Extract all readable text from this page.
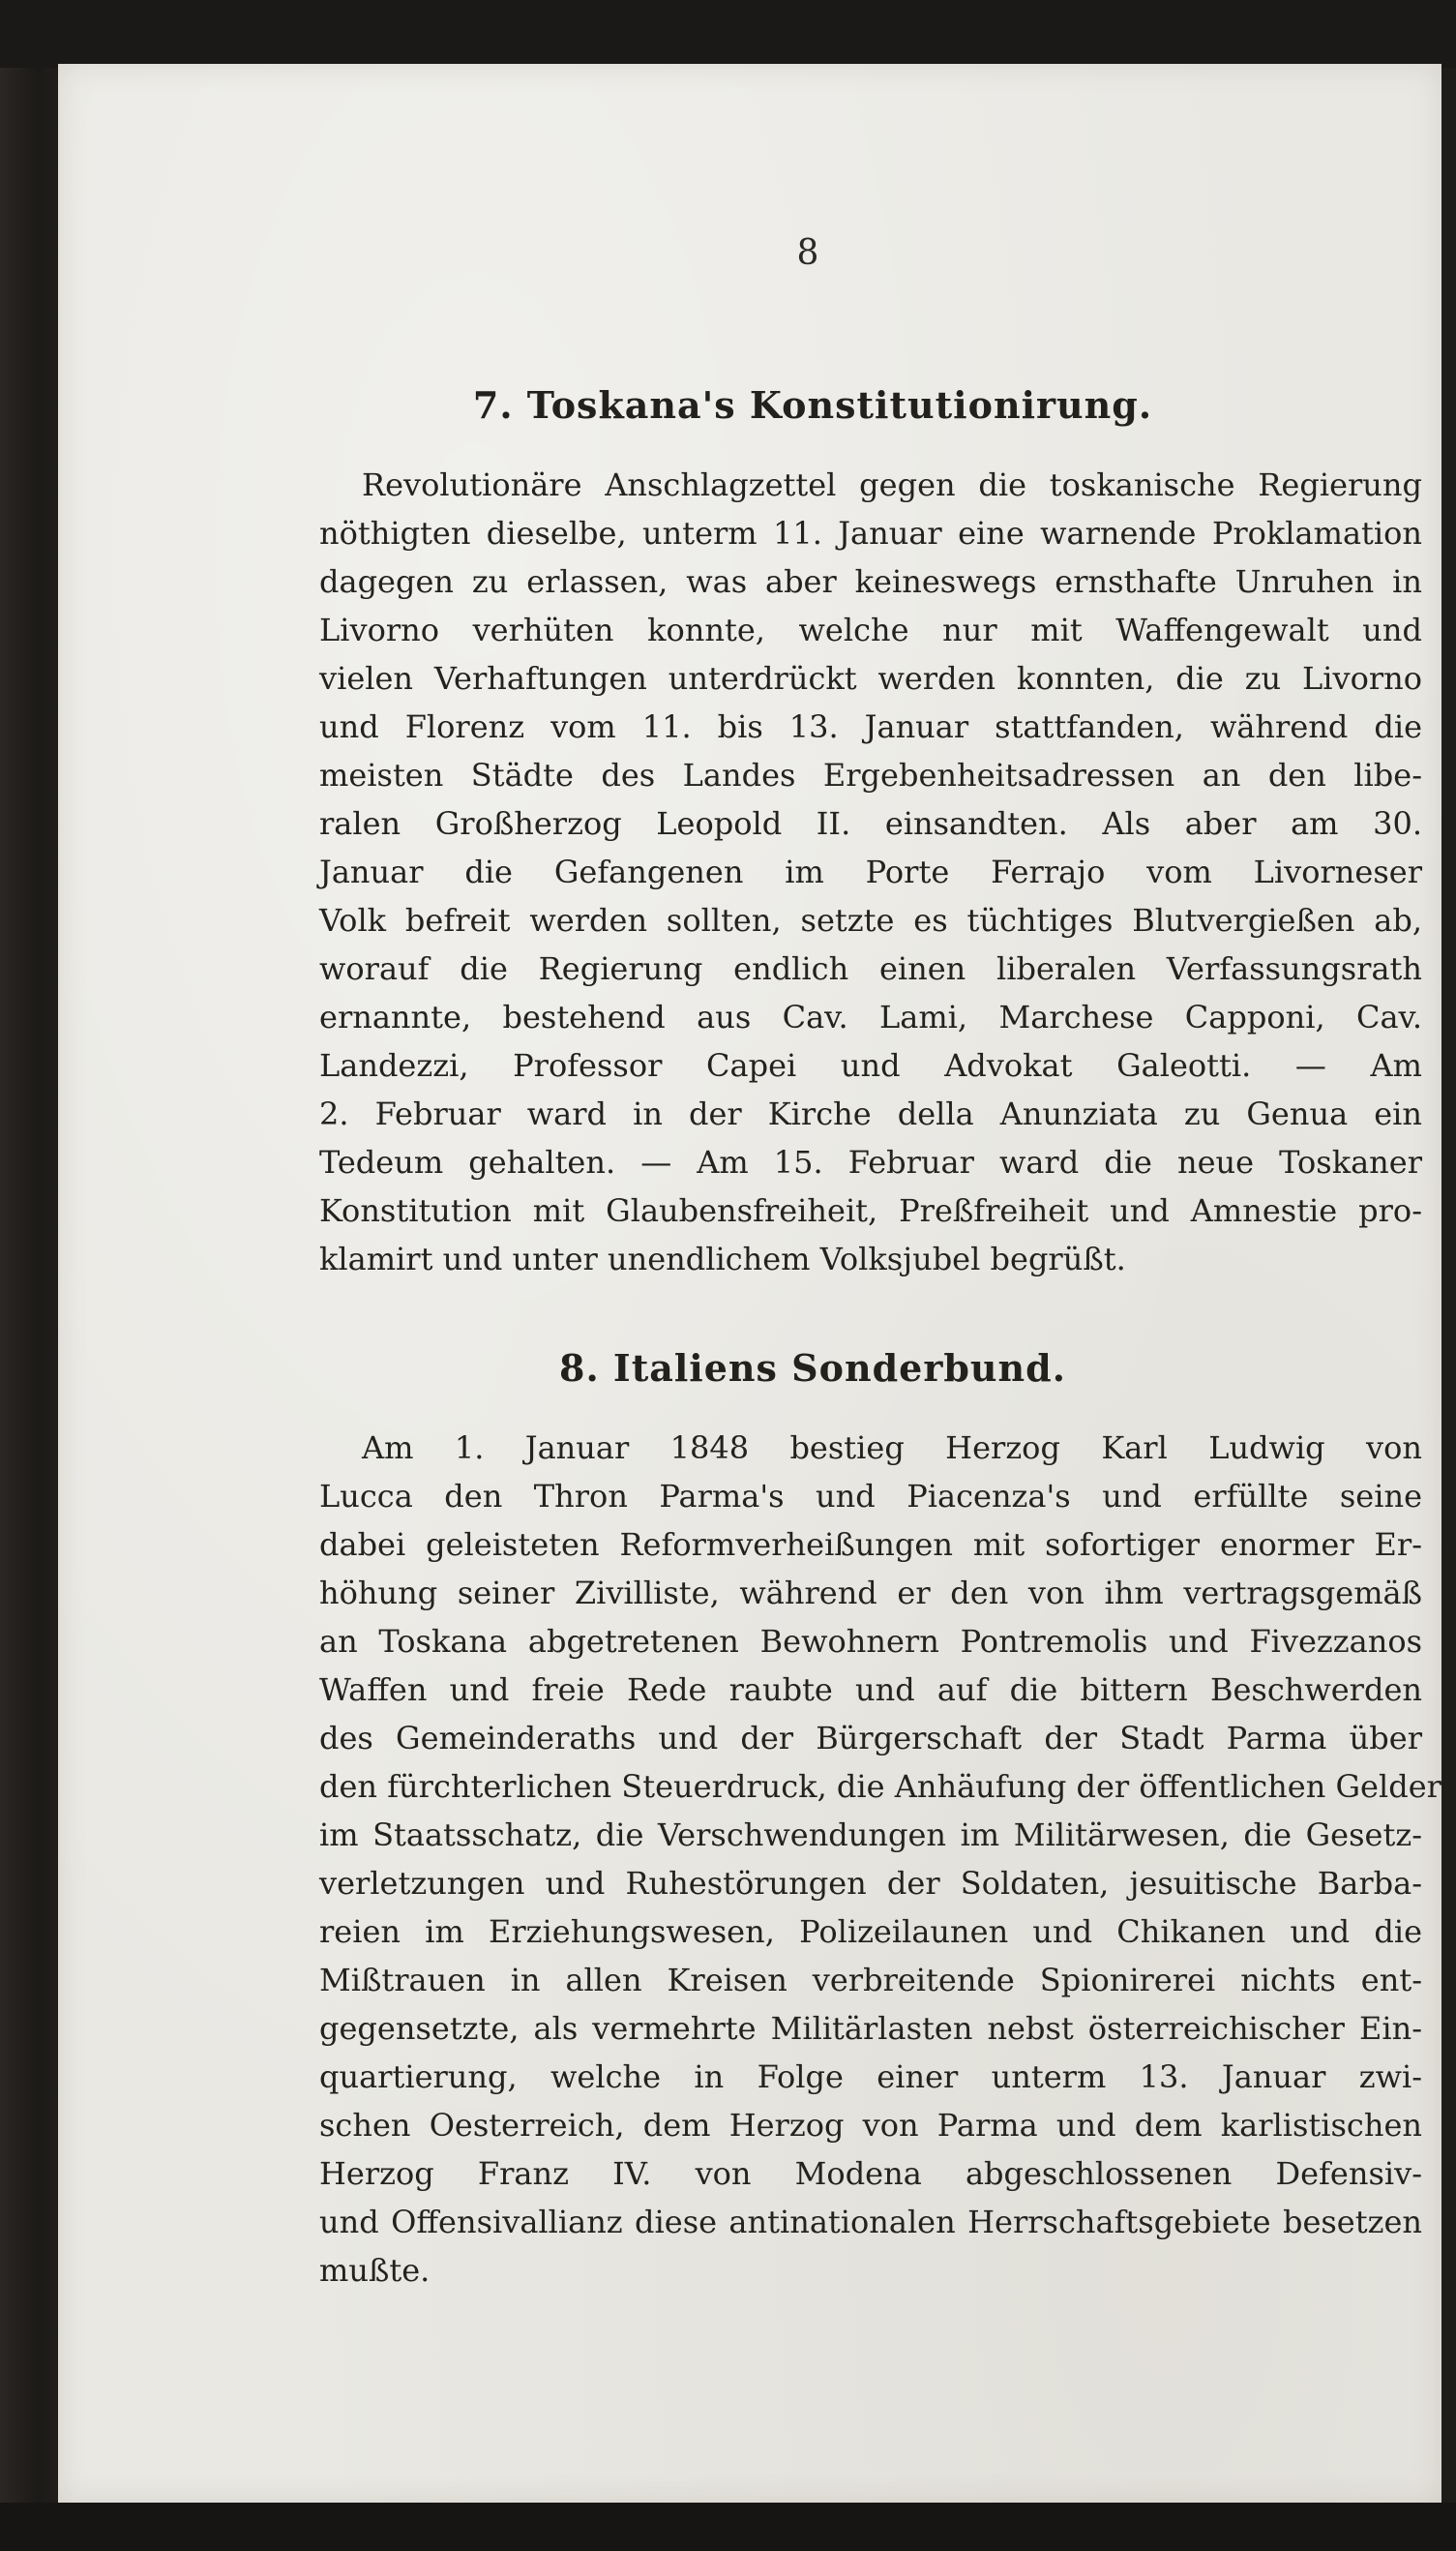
8
7. Toskana's Konstitutionirung.
Revolutionäre Anschlagzettel gegen die toskanische Regierung
nöthigten dieselbe, unterm 11. Januar eine warnende Proklamation
dagegen zu erlassen, was aber keineswegs ernsthafte Unruhen in
Livorno verhüten konnte, welche nur mit Waffengewalt und
vielen Verhaftungen unterdrückt werden konnten, die zu Livorno
und Florenz vom 11. bis 13. Januar stattfanden, während die
meisten Städte des Landes Ergebenheitsadressen an den libe-
ralen Großherzog Leopold II. einsandten. Als aber am 30.
Januar die Gefangenen im Porte Ferrajo vom Livorneser
Volk befreit werden sollten, setzte es tüchtiges Blutvergießen ab,
worauf die Regierung endlich einen liberalen Verfassungsrath
ernannte, bestehend aus Cav. Lami, Marchese Capponi, Cav.
Landezzi, Professor Capei und Advokat Galeotti. — Am
2. Februar ward in der Kirche della Anunziata zu Genua ein
Tedeum gehalten. — Am 15. Februar ward die neue Toskaner
Konstitution mit Glaubensfreiheit, Preßfreiheit und Amnestie pro-
klamirt und unter unendlichem Volksjubel begrüßt.
8. Italiens Sonderbund.
Am 1. Januar 1848 bestieg Herzog Karl Ludwig von
Lucca den Thron Parma's und Piacenza's und erfüllte seine
dabei geleisteten Reformverheißungen mit sofortiger enormer Er-
höhung seiner Zivilliste, während er den von ihm vertragsgemäß
an Toskana abgetretenen Bewohnern Pontremolis und Fivezzanos
Waffen und freie Rede raubte und auf die bittern Beschwerden
des Gemeinderaths und der Bürgerschaft der Stadt Parma über
den fürchterlichen Steuerdruck, die Anhäufung der öffentlichen Gelder
im Staatsschatz, die Verschwendungen im Militärwesen, die Gesetz-
verletzungen und Ruhestörungen der Soldaten, jesuitische Barba-
reien im Erziehungswesen, Polizeilaunen und Chikanen und die
Mißtrauen in allen Kreisen verbreitende Spionirerei nichts ent-
gegensetzte, als vermehrte Militärlasten nebst österreichischer Ein-
quartierung, welche in Folge einer unterm 13. Januar zwi-
schen Oesterreich, dem Herzog von Parma und dem karlistischen
Herzog Franz IV. von Modena abgeschlossenen Defensiv-
und Offensivallianz diese antinationalen Herrschaftsgebiete besetzen
mußte.
